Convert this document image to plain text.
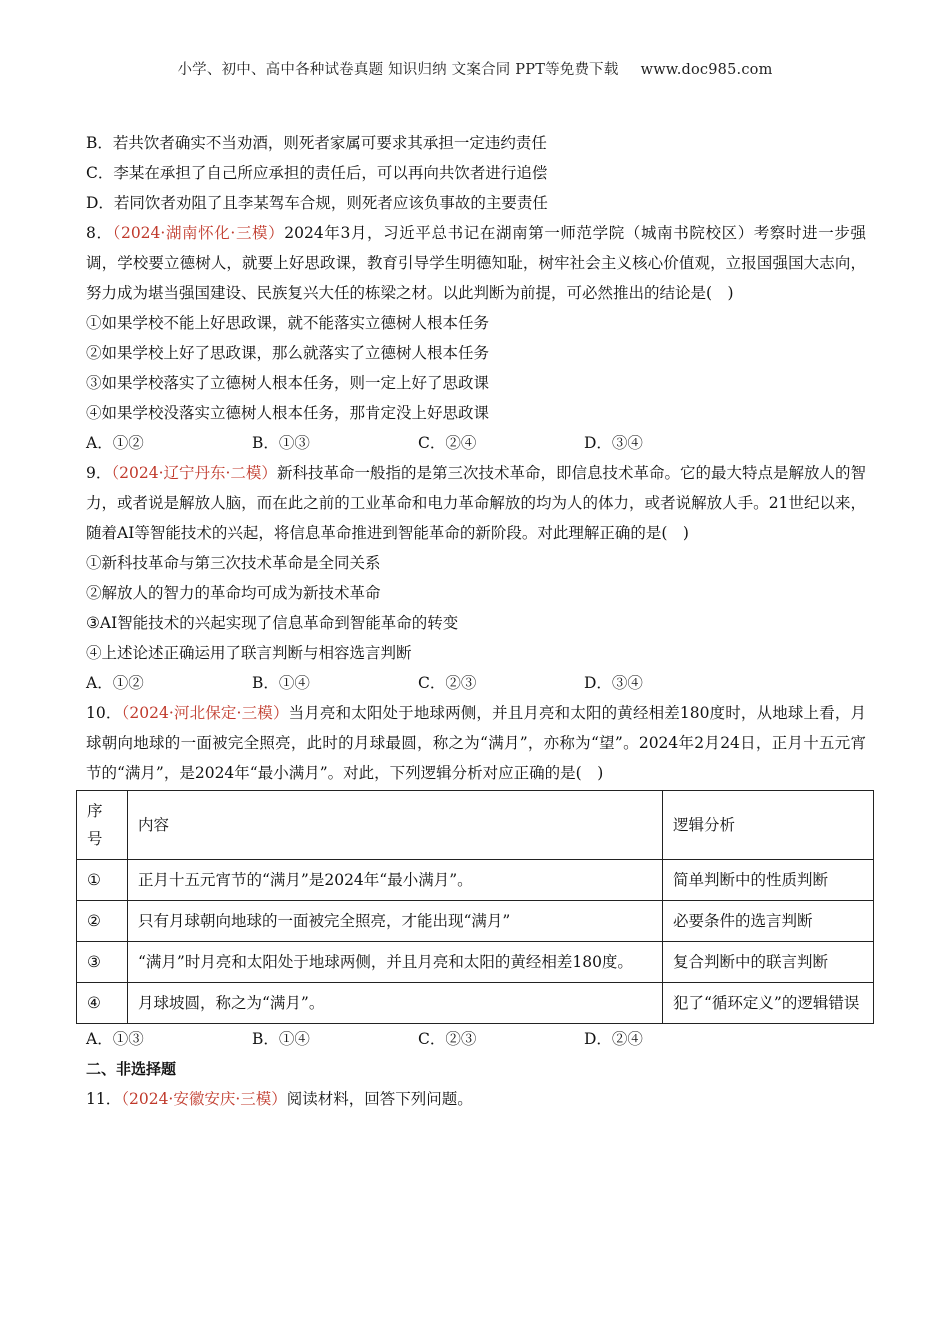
小学、初中、高中各种试卷真题 知识归纳 文案合同 PPT等免费下载 www.doc985.com
B．若共饮者确实不当劝酒，则死者家属可要求其承担一定违约责任
C．李某在承担了自己所应承担的责任后，可以再向共饮者进行追偿
D．若同饮者劝阻了且李某驾车合规，则死者应该负事故的主要责任
8．（2024·湖南怀化·三模）2024年3月，习近平总书记在湖南第一师范学院（城南书院校区）考察时进一步强调，学校要立德树人，就要上好思政课，教育引导学生明德知耻，树牢社会主义核心价值观，立报国强国大志向，努力成为堪当强国建设、民族复兴大任的栋梁之材。以此判断为前提，可必然推出的结论是(　)
①如果学校不能上好思政课，就不能落实立德树人根本任务
②如果学校上好了思政课，那么就落实了立德树人根本任务
③如果学校落实了立德树人根本任务，则一定上好了思政课
④如果学校没落实立德树人根本任务，那肯定没上好思政课
A．①②	B．①③	C．②④	D．③④
9．（2024·辽宁丹东·二模）新科技革命一般指的是第三次技术革命，即信息技术革命。它的最大特点是解放人的智力，或者说是解放人脑，而在此之前的工业革命和电力革命解放的均为人的体力，或者说解放人手。21世纪以来，随着AI等智能技术的兴起，将信息革命推进到智能革命的新阶段。对此理解正确的是(　)
①新科技革命与第三次技术革命是全同关系
②解放人的智力的革命均可成为新技术革命
③AI智能技术的兴起实现了信息革命到智能革命的转变
④上述论述正确运用了联言判断与相容选言判断
A．①②	B．①④	C．②③	D．③④
10．（2024·河北保定·三模）当月亮和太阳处于地球两侧，并且月亮和太阳的黄经相差180度时，从地球上看，月球朝向地球的一面被完全照亮，此时的月球最圆，称之为“满月”，亦称为“望”。2024年2月24日，正月十五元宵节的“满月”，是2024年“最小满月”。对此，下列逻辑分析对应正确的是(　)
序号	内容	逻辑分析
①	正月十五元宵节的“满月”是2024年“最小满月”。	简单判断中的性质判断
②	只有月球朝向地球的一面被完全照亮，才能出现“满月”	必要条件的选言判断
③	“满月”时月亮和太阳处于地球两侧，并且月亮和太阳的黄经相差180度。	复合判断中的联言判断
④	月球坡圆，称之为“满月”。	犯了“循环定义”的逻辑错误
A．①③	B．①④	C．②③	D．②④
二、非选择题
11．（2024·安徽安庆·三模）阅读材料，回答下列问题。
